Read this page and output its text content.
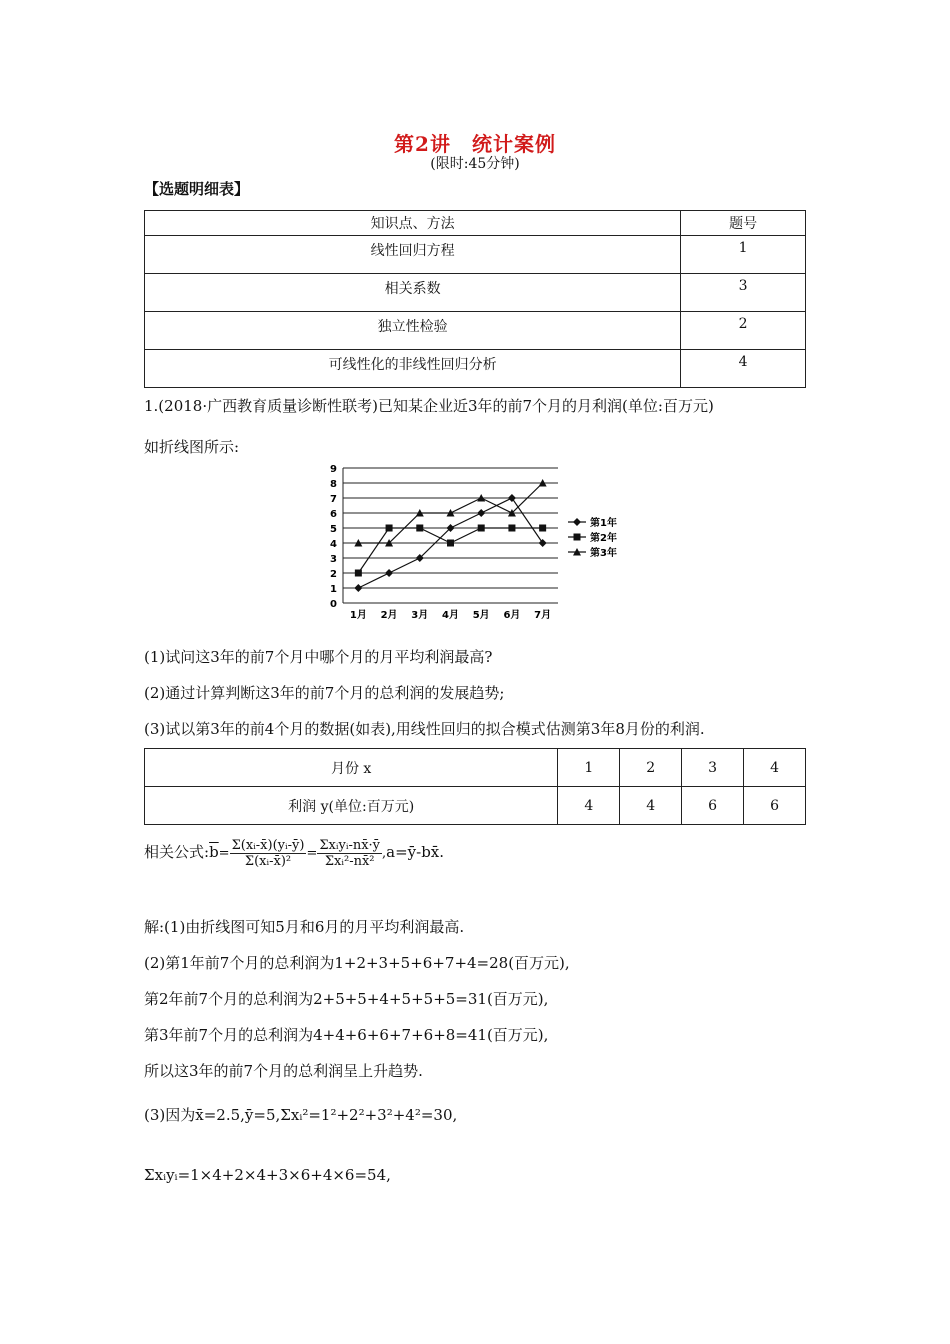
第2讲　统计案例
(限时:45分钟)
【选题明细表】
知识点、方法	题号
线性回归方程	1
相关系数	3
独立性检验	2
可线性化的非线性回归分析	4
1.(2018·广西教育质量诊断性联考)已知某企业近3年的前7个月的月利润(单位:百万元)
如折线图所示:
0
1
2
3
4
5
6
7
8
9
1月 2月 3月 4月 5月 6月 7月
第1年
第2年
第3年
(1)试问这3年的前7个月中哪个月的月平均利润最高?
(2)通过计算判断这3年的前7个月的总利润的发展趋势;
(3)试以第3年的前4个月的数据(如表),用线性回归的拟合模式估测第3年8月份的利润.
月份 x	1	2	3	4
利润 y(单位:百万元)	4	4	6	6
相关公式$:\overline{b}= \frac{\text{Σ(xᵢ-x̄)(yᵢ-ȳ)}}{\text{Σ(xᵢ-x̄)²}} = \frac{\text{Σxᵢyᵢ-nx̄·ȳ}}{\text{Σxᵢ²-nx̄²}}$ ,a=ȳ-bx̄.
解:(1)由折线图可知5月和6月的月平均利润最高.
(2)第1年前7个月的总利润为1+2+3+5+6+7+4=28(百万元),
第2年前7个月的总利润为2+5+5+4+5+5+5=31(百万元),
第3年前7个月的总利润为4+4+6+6+7+6+8=41(百万元),
所以这3年的前7个月的总利润呈上升趋势.
(3)因为x̄=2.5,ȳ=5,Σxᵢ²=1²+2²+3²+4²=30,
Σxᵢyᵢ=1×4+2×4+3×6+4×6=54,
